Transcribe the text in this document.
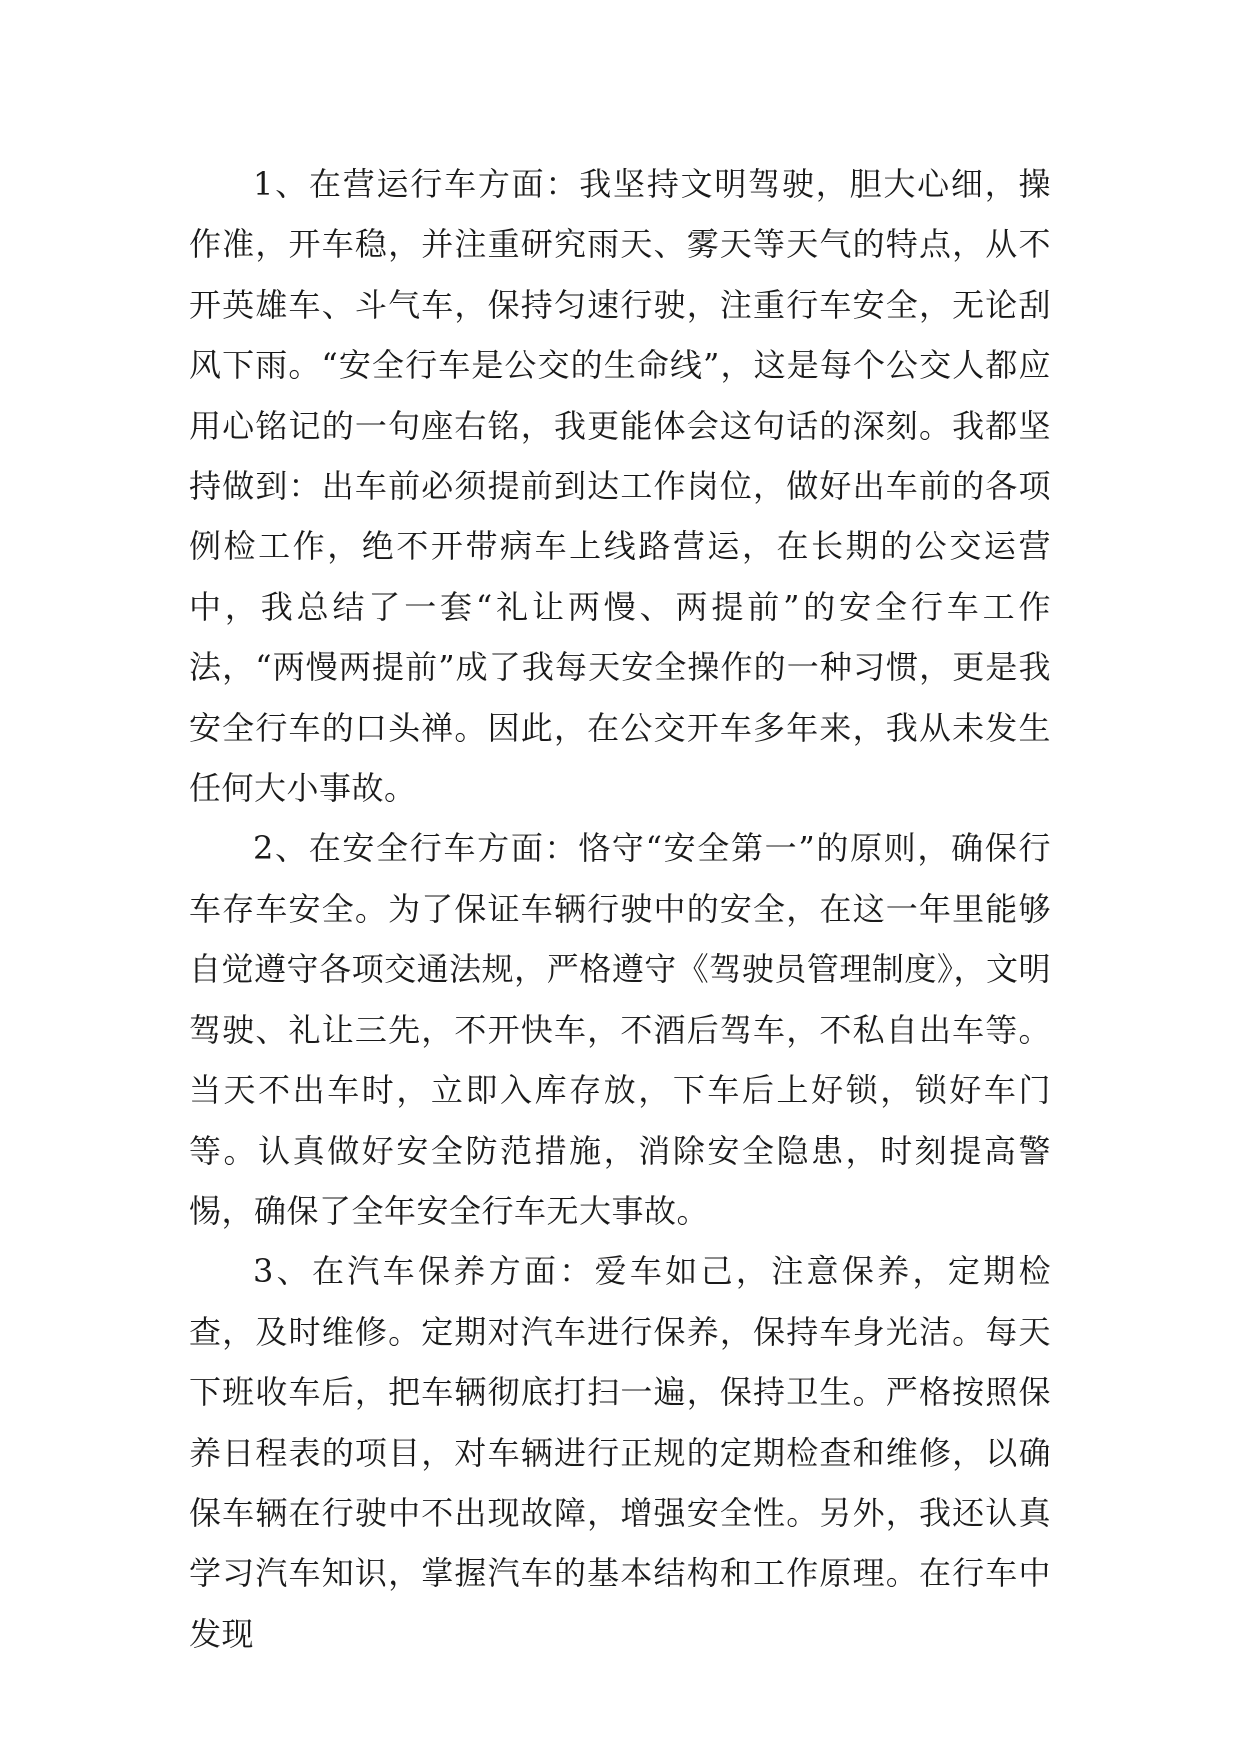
1、在营运行车方面：我坚持文明驾驶，胆大心细，操作准，开车稳，并注重研究雨天、雾天等天气的特点，从不开英雄车、斗气车，保持匀速行驶，注重行车安全，无论刮风下雨。“安全行车是公交的生命线”，这是每个公交人都应用心铭记的一句座右铭，我更能体会这句话的深刻。我都坚持做到：出车前必须提前到达工作岗位，做好出车前的各项例检工作，绝不开带病车上线路营运，在长期的公交运营中，我总结了一套“礼让两慢、两提前”的安全行车工作法，“两慢两提前”成了我每天安全操作的一种习惯，更是我安全行车的口头禅。因此，在公交开车多年来，我从未发生任何大小事故。

2、在安全行车方面：恪守“安全第一”的原则，确保行车存车安全。为了保证车辆行驶中的安全，在这一年里能够自觉遵守各项交通法规，严格遵守《驾驶员管理制度》，文明驾驶、礼让三先，不开快车，不酒后驾车，不私自出车等。当天不出车时，立即入库存放，下车后上好锁，锁好车门等。认真做好安全防范措施，消除安全隐患，时刻提高警惕，确保了全年安全行车无大事故。

3、在汽车保养方面：爱车如己，注意保养，定期检查，及时维修。定期对汽车进行保养，保持车身光洁。每天下班收车后，把车辆彻底打扫一遍，保持卫生。严格按照保养日程表的项目，对车辆进行正规的定期检查和维修，以确保车辆在行驶中不出现故障，增强安全性。另外，我还认真学习汽车知识，掌握汽车的基本结构和工作原理。在行车中发现
